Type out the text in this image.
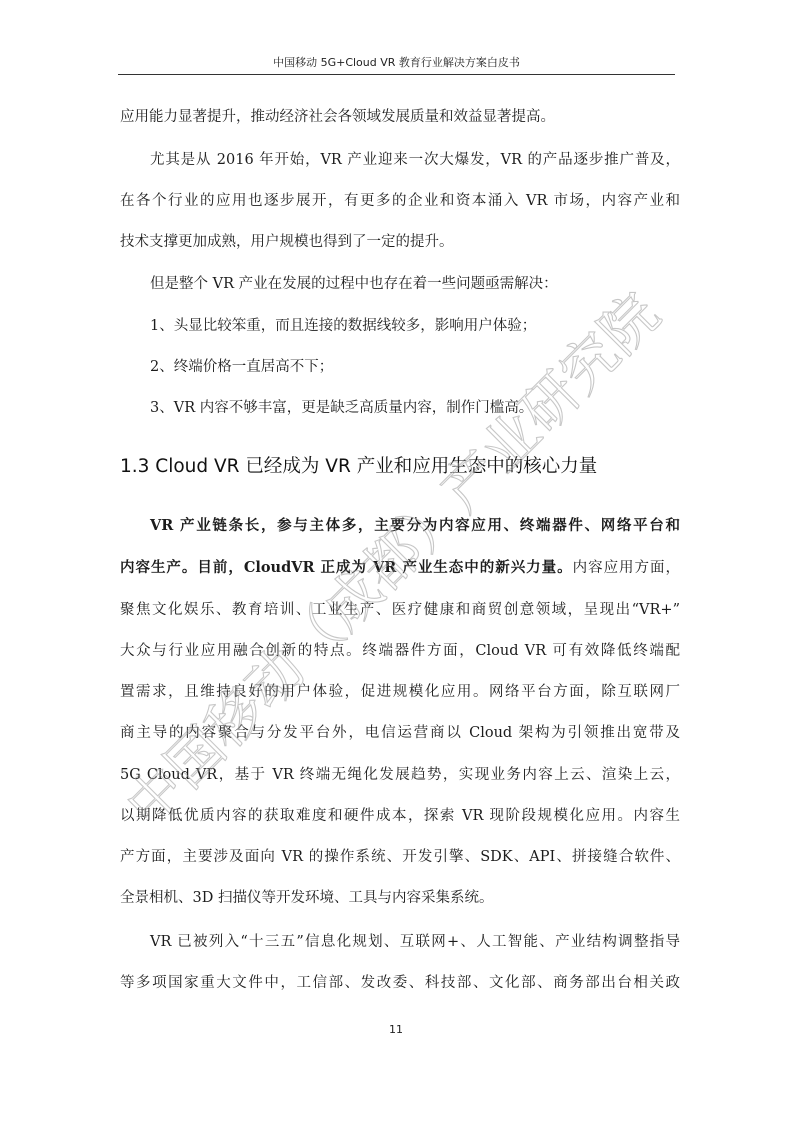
中国移动 5G+Cloud VR 教育行业解决方案白皮书
应用能力显著提升，推动经济社会各领域发展质量和效益显著提高。
尤其是从 2016 年开始，VR 产业迎来一次大爆发，VR 的产品逐步推广普及，
在各个行业的应用也逐步展开，有更多的企业和资本涌入 VR 市场，内容产业和
技术支撑更加成熟，用户规模也得到了一定的提升。
但是整个 VR 产业在发展的过程中也存在着一些问题亟需解决：
1、头显比较笨重，而且连接的数据线较多，影响用户体验；
2、终端价格一直居高不下；
3、VR 内容不够丰富，更是缺乏高质量内容，制作门槛高。
1.3 Cloud VR 已经成为 VR 产业和应用生态中的核心力量
VR 产业链条长，参与主体多，主要分为内容应用、终端器件、网络平台和
内容生产。目前，CloudVR 正成为 VR 产业生态中的新兴力量。内容应用方面，
聚焦文化娱乐、教育培训、工业生产、医疗健康和商贸创意领域，呈现出“VR+”
大众与行业应用融合创新的特点。终端器件方面，Cloud VR 可有效降低终端配
置需求，且维持良好的用户体验，促进规模化应用。网络平台方面，除互联网厂
商主导的内容聚合与分发平台外，电信运营商以 Cloud 架构为引领推出宽带及
5G Cloud VR，基于 VR 终端无绳化发展趋势，实现业务内容上云、渲染上云，
以期降低优质内容的获取难度和硬件成本，探索 VR 现阶段规模化应用。内容生
产方面，主要涉及面向 VR 的操作系统、开发引擎、SDK、API、拼接缝合软件、
全景相机、3D 扫描仪等开发环境、工具与内容采集系统。
VR 已被列入“十三五”信息化规划、互联网+、人工智能、产业结构调整指导
等多项国家重大文件中，工信部、发改委、科技部、文化部、商务部出台相关政
11
中国移动（成都）产业研究院
